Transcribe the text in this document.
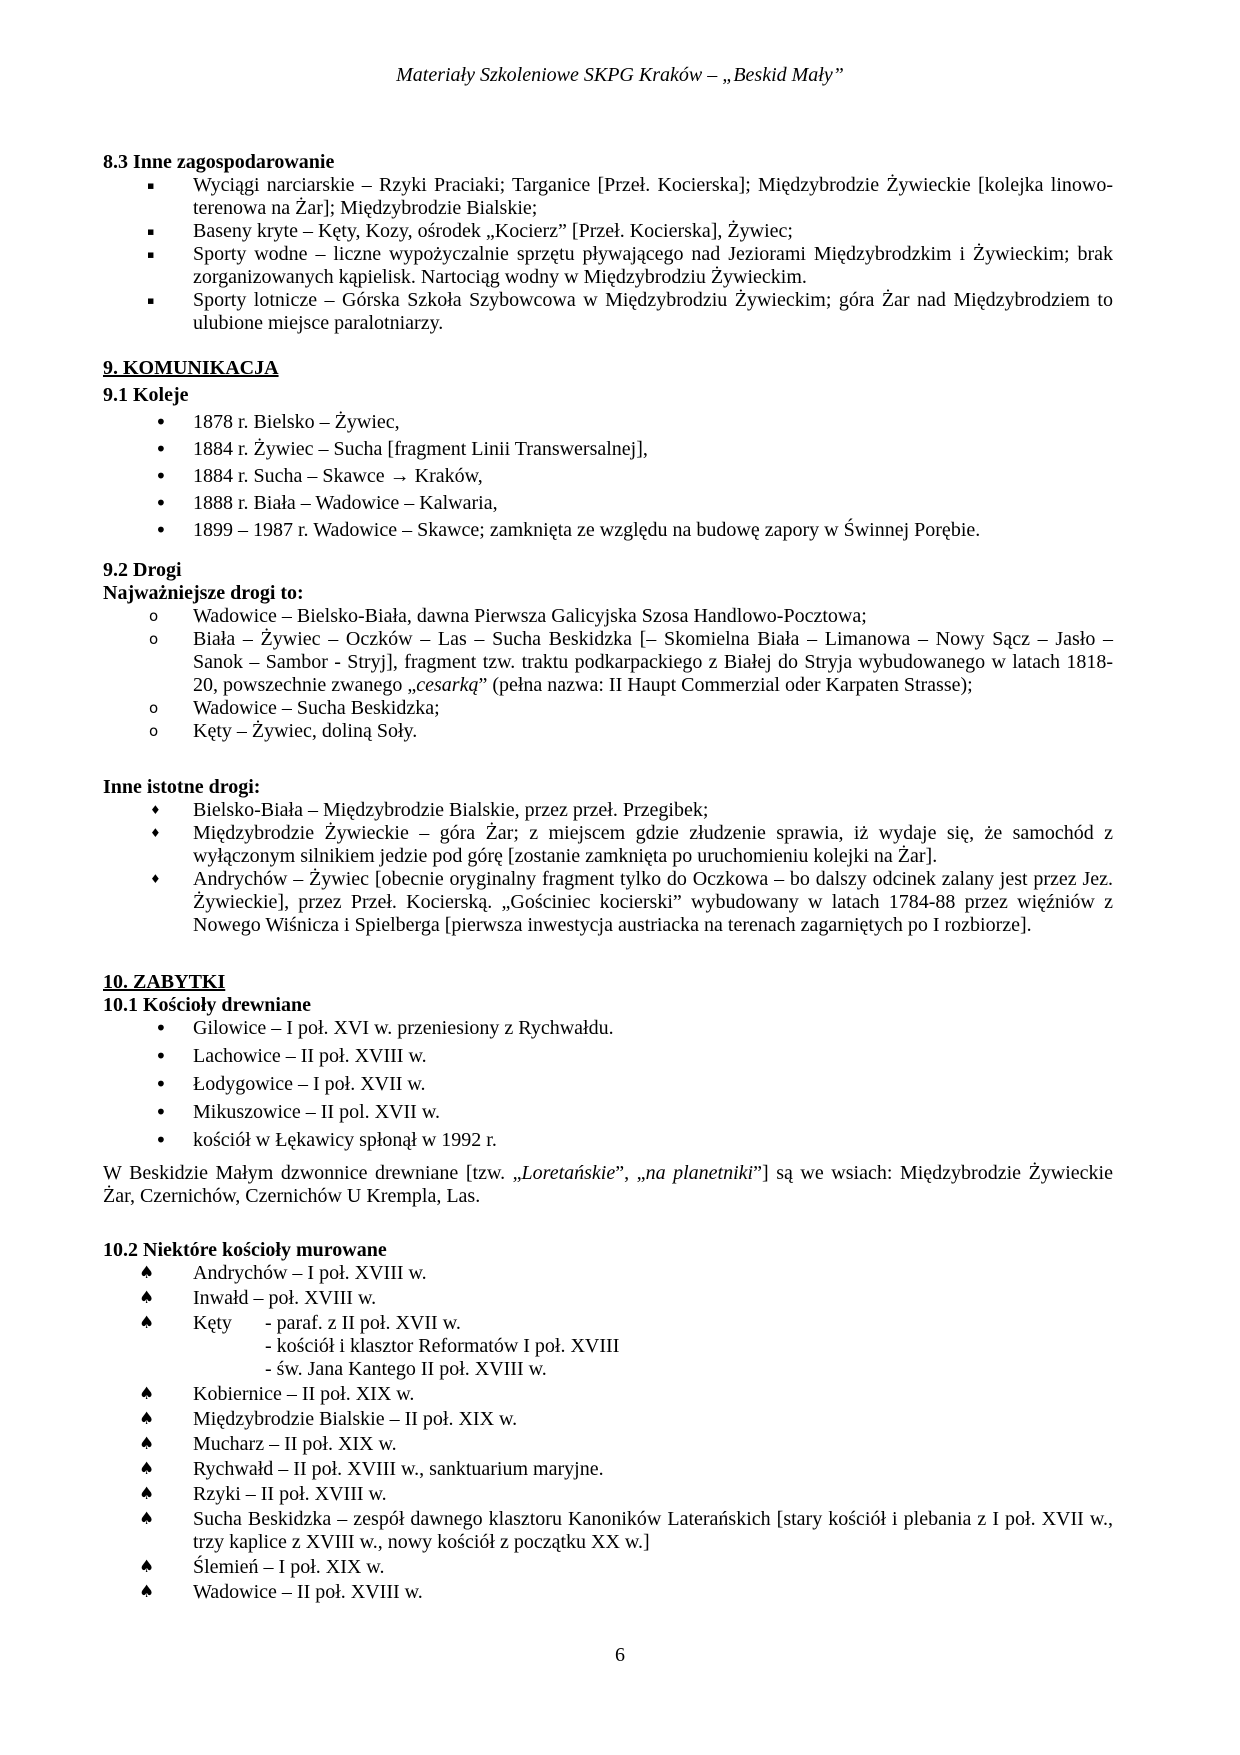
Materiały Szkoleniowe SKPG Kraków – „Beskid Mały”
8.3 Inne zagospodarowanie
▪ Wyciągi narciarskie – Rzyki Praciaki; Targanice [Przeł. Kocierska]; Międzybrodzie Żywieckie [kolejka linowo-terenowa na Żar]; Międzybrodzie Bialskie;
▪ Baseny kryte – Kęty, Kozy, ośrodek „Kocierz” [Przeł. Kocierska], Żywiec;
▪ Sporty wodne – liczne wypożyczalnie sprzętu pływającego nad Jeziorami Międzybrodzkim i Żywieckim; brak zorganizowanych kąpielisk. Nartociąg wodny w Międzybrodziu Żywieckim.
▪ Sporty lotnicze – Górska Szkoła Szybowcowa w Międzybrodziu Żywieckim; góra Żar nad Międzybrodziem to ulubione miejsce paralotniarzy.
9. KOMUNIKACJA
9.1 Koleje
• 1878 r. Bielsko – Żywiec,
• 1884 r. Żywiec – Sucha [fragment Linii Transwersalnej],
• 1884 r. Sucha – Skawce → Kraków,
• 1888 r. Biała – Wadowice – Kalwaria,
• 1899 – 1987 r. Wadowice – Skawce; zamknięta ze względu na budowę zapory w Świnnej Porębie.
9.2 Drogi
Najważniejsze drogi to:
o Wadowice – Bielsko-Biała, dawna Pierwsza Galicyjska Szosa Handlowo-Pocztowa;
o Biała – Żywiec – Oczków – Las – Sucha Beskidzka [– Skomielna Biała – Limanowa – Nowy Sącz – Jasło – Sanok – Sambor - Stryj], fragment tzw. traktu podkarpackiego z Białej do Stryja wybudowanego w latach 1818-20, powszechnie zwanego „cesarką” (pełna nazwa: II Haupt Commerzial oder Karpaten Strasse);
o Wadowice – Sucha Beskidzka;
o Kęty – Żywiec, doliną Soły.
Inne istotne drogi:
♦ Bielsko-Biała – Międzybrodzie Bialskie, przez przeł. Przegibek;
♦ Międzybrodzie Żywieckie – góra Żar; z miejscem gdzie złudzenie sprawia, iż wydaje się, że samochód z wyłączonym silnikiem jedzie pod górę [zostanie zamknięta po uruchomieniu kolejki na Żar].
♦ Andrychów – Żywiec [obecnie oryginalny fragment tylko do Oczkowa – bo dalszy odcinek zalany jest przez Jez. Żywieckie], przez Przeł. Kocierską. „Gościniec kocierski” wybudowany w latach 1784-88 przez więźniów z Nowego Wiśnicza i Spielberga [pierwsza inwestycja austriacka na terenach zagarniętych po I rozbiorze].
10. ZABYTKI
10.1 Kościoły drewniane
• Gilowice – I poł. XVI w. przeniesiony z Rychwałdu.
• Lachowice – II poł. XVIII w.
• Łodygowice – I poł. XVII w.
• Mikuszowice – II pol. XVII w.
• kościół w Łękawicy spłonął w 1992 r.

W Beskidzie Małym dzwonnice drewniane [tzw. „Loretańskie”, „na planetniki”] są we wsiach: Międzybrodzie Żywieckie Żar, Czernichów, Czernichów U Krempla, Las.

10.2 Niektóre kościoły murowane
♠ Andrychów – I poł. XVIII w.
♠ Inwałd – poł. XVIII w.
♠ Kęty - paraf. z II poł. XVII w.
- kościół i klasztor Reformatów I poł. XVIII
- św. Jana Kantego II poł. XVIII w.
♠ Kobiernice – II poł. XIX w.
♠ Międzybrodzie Bialskie – II poł. XIX w.
♠ Mucharz – II poł. XIX w.
♠ Rychwałd – II poł. XVIII w., sanktuarium maryjne.
♠ Rzyki – II poł. XVIII w.
♠ Sucha Beskidzka – zespół dawnego klasztoru Kanoników Laterańskich [stary kościół i plebania z I poł. XVII w., trzy kaplice z XVIII w., nowy kościół z początku XX w.]
♠ Ślemień – I poł. XIX w.
♠ Wadowice – II poł. XVIII w.
6
